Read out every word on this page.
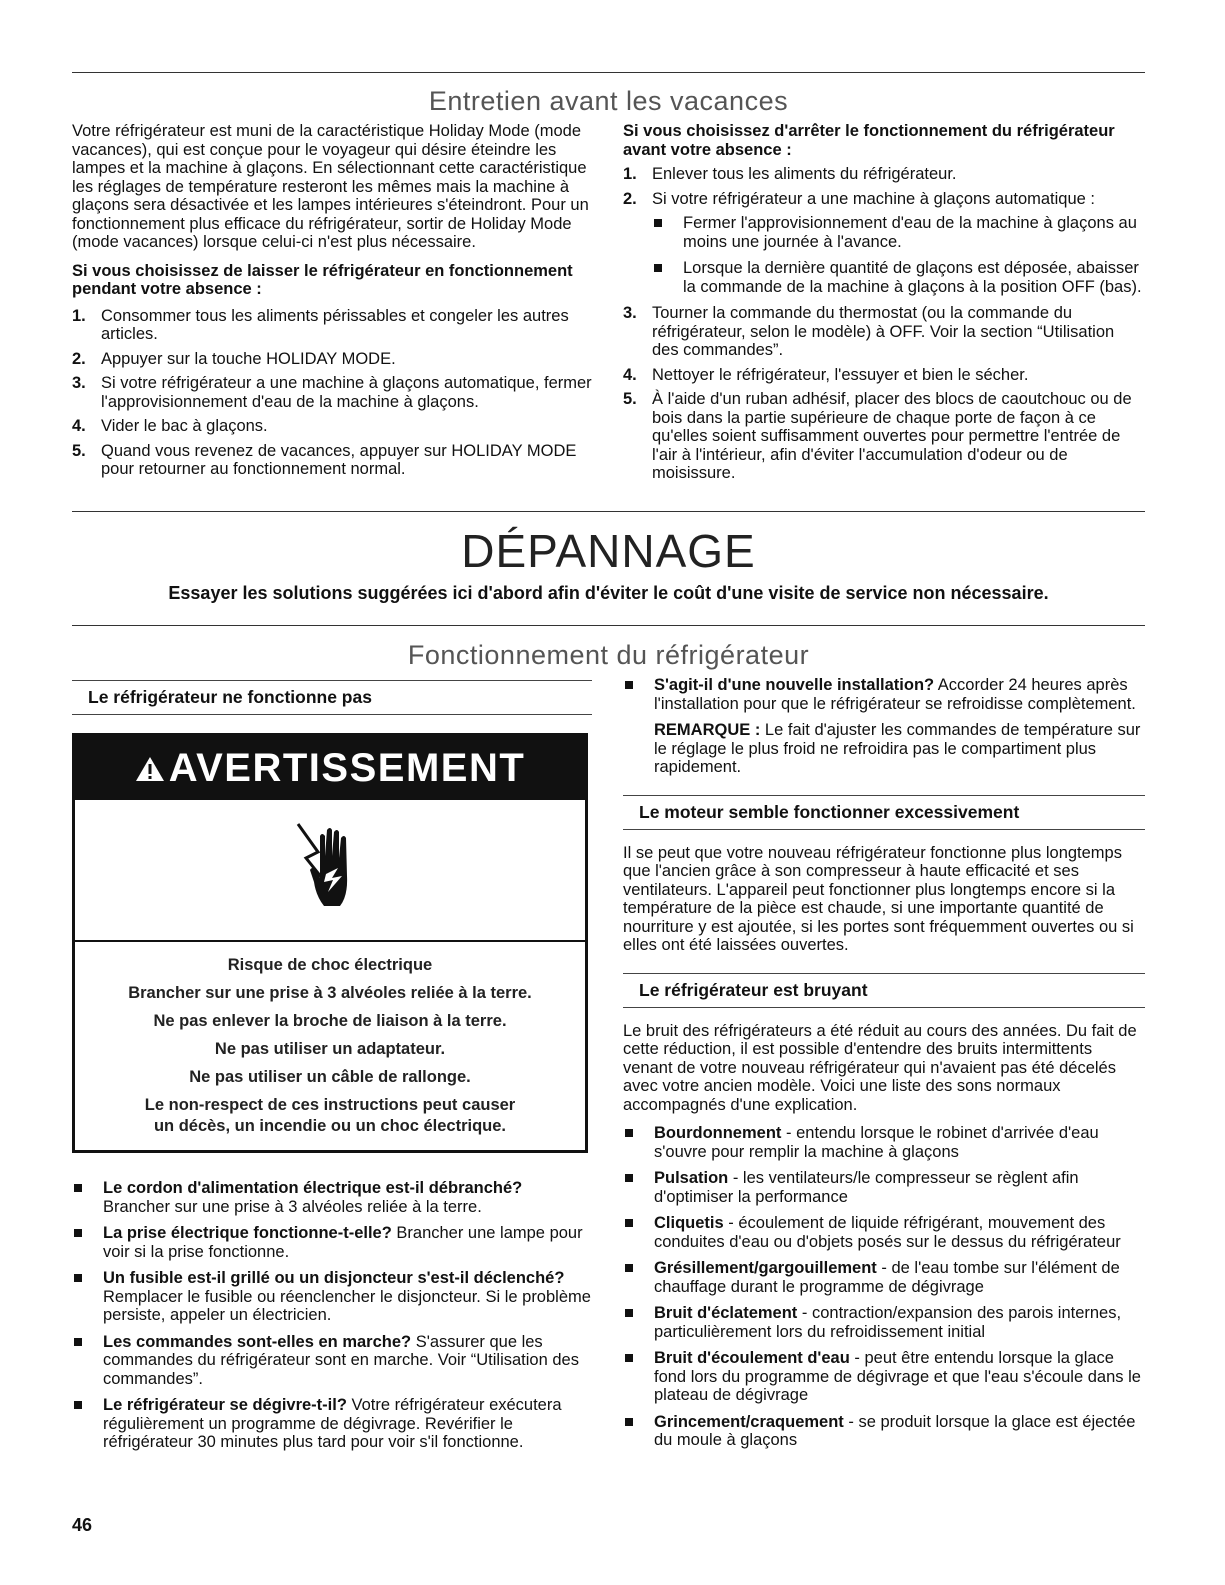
Entretien avant les vacances

Votre réfrigérateur est muni de la caractéristique Holiday Mode (mode vacances), qui est conçue pour le voyageur qui désire éteindre les lampes et la machine à glaçons. En sélectionnant cette caractéristique les réglages de température resteront les mêmes mais la machine à glaçons sera désactivée et les lampes intérieures s'éteindront. Pour un fonctionnement plus efficace du réfrigérateur, sortir de Holiday Mode (mode vacances) lorsque celui-ci n'est plus nécessaire.

Si vous choisissez de laisser le réfrigérateur en fonctionnement pendant votre absence :

1. Consommer tous les aliments périssables et congeler les autres articles.
2. Appuyer sur la touche HOLIDAY MODE.
3. Si votre réfrigérateur a une machine à glaçons automatique, fermer l'approvisionnement d'eau de la machine à glaçons.
4. Vider le bac à glaçons.
5. Quand vous revenez de vacances, appuyer sur HOLIDAY MODE pour retourner au fonctionnement normal.

Si vous choisissez d'arrêter le fonctionnement du réfrigérateur avant votre absence :

1. Enlever tous les aliments du réfrigérateur.
2. Si votre réfrigérateur a une machine à glaçons automatique :
Fermer l'approvisionnement d'eau de la machine à glaçons au moins une journée à l'avance.
Lorsque la dernière quantité de glaçons est déposée, abaisser la commande de la machine à glaçons à la position OFF (bas).
3. Tourner la commande du thermostat (ou la commande du réfrigérateur, selon le modèle) à OFF. Voir la section “Utilisation des commandes”.
4. Nettoyer le réfrigérateur, l'essuyer et bien le sécher.
5. À l'aide d'un ruban adhésif, placer des blocs de caoutchouc ou de bois dans la partie supérieure de chaque porte de façon à ce qu'elles soient suffisamment ouvertes pour permettre l'entrée de l'air à l'intérieur, afin d'éviter l'accumulation d'odeur ou de moisissure.
DÉPANNAGE
Essayer les solutions suggérées ici d'abord afin d'éviter le coût d'une visite de service non nécessaire.
Fonctionnement du réfrigérateur
Le réfrigérateur ne fonctionne pas
AVERTISSEMENT
Risque de choc électrique
Brancher sur une prise à 3 alvéoles reliée à la terre.
Ne pas enlever la broche de liaison à la terre.
Ne pas utiliser un adaptateur.
Ne pas utiliser un câble de rallonge.
Le non-respect de ces instructions peut causer
un décès, un incendie ou un choc électrique.
Le cordon d'alimentation électrique est-il débranché? Brancher sur une prise à 3 alvéoles reliée à la terre.
La prise électrique fonctionne-t-elle? Brancher une lampe pour voir si la prise fonctionne.
Un fusible est-il grillé ou un disjoncteur s'est-il déclenché? Remplacer le fusible ou réenclencher le disjoncteur. Si le problème persiste, appeler un électricien.
Les commandes sont-elles en marche? S'assurer que les commandes du réfrigérateur sont en marche. Voir “Utilisation des commandes”.
Le réfrigérateur se dégivre-t-il? Votre réfrigérateur exécutera régulièrement un programme de dégivrage. Revérifier le réfrigérateur 30 minutes plus tard pour voir s'il fonctionne.
S'agit-il d'une nouvelle installation? Accorder 24 heures après l'installation pour que le réfrigérateur se refroidisse complètement.

REMARQUE : Le fait d'ajuster les commandes de température sur le réglage le plus froid ne refroidira pas le compartiment plus rapidement.

Le moteur semble fonctionner excessivement

Il se peut que votre nouveau réfrigérateur fonctionne plus longtemps que l'ancien grâce à son compresseur à haute efficacité et ses ventilateurs. L'appareil peut fonctionner plus longtemps encore si la température de la pièce est chaude, si une importante quantité de nourriture y est ajoutée, si les portes sont fréquemment ouvertes ou si elles ont été laissées ouvertes.

Le réfrigérateur est bruyant

Le bruit des réfrigérateurs a été réduit au cours des années. Du fait de cette réduction, il est possible d'entendre des bruits intermittents venant de votre nouveau réfrigérateur qui n'avaient pas été décelés avec votre ancien modèle. Voici une liste des sons normaux accompagnés d'une explication.

Bourdonnement - entendu lorsque le robinet d'arrivée d'eau s'ouvre pour remplir la machine à glaçons
Pulsation - les ventilateurs/le compresseur se règlent afin d'optimiser la performance
Cliquetis - écoulement de liquide réfrigérant, mouvement des conduites d'eau ou d'objets posés sur le dessus du réfrigérateur
Grésillement/gargouillement - de l'eau tombe sur l'élément de chauffage durant le programme de dégivrage
Bruit d'éclatement - contraction/expansion des parois internes, particulièrement lors du refroidissement initial
Bruit d'écoulement d'eau - peut être entendu lorsque la glace fond lors du programme de dégivrage et que l'eau s'écoule dans le plateau de dégivrage
Grincement/craquement - se produit lorsque la glace est éjectée du moule à glaçons
46
